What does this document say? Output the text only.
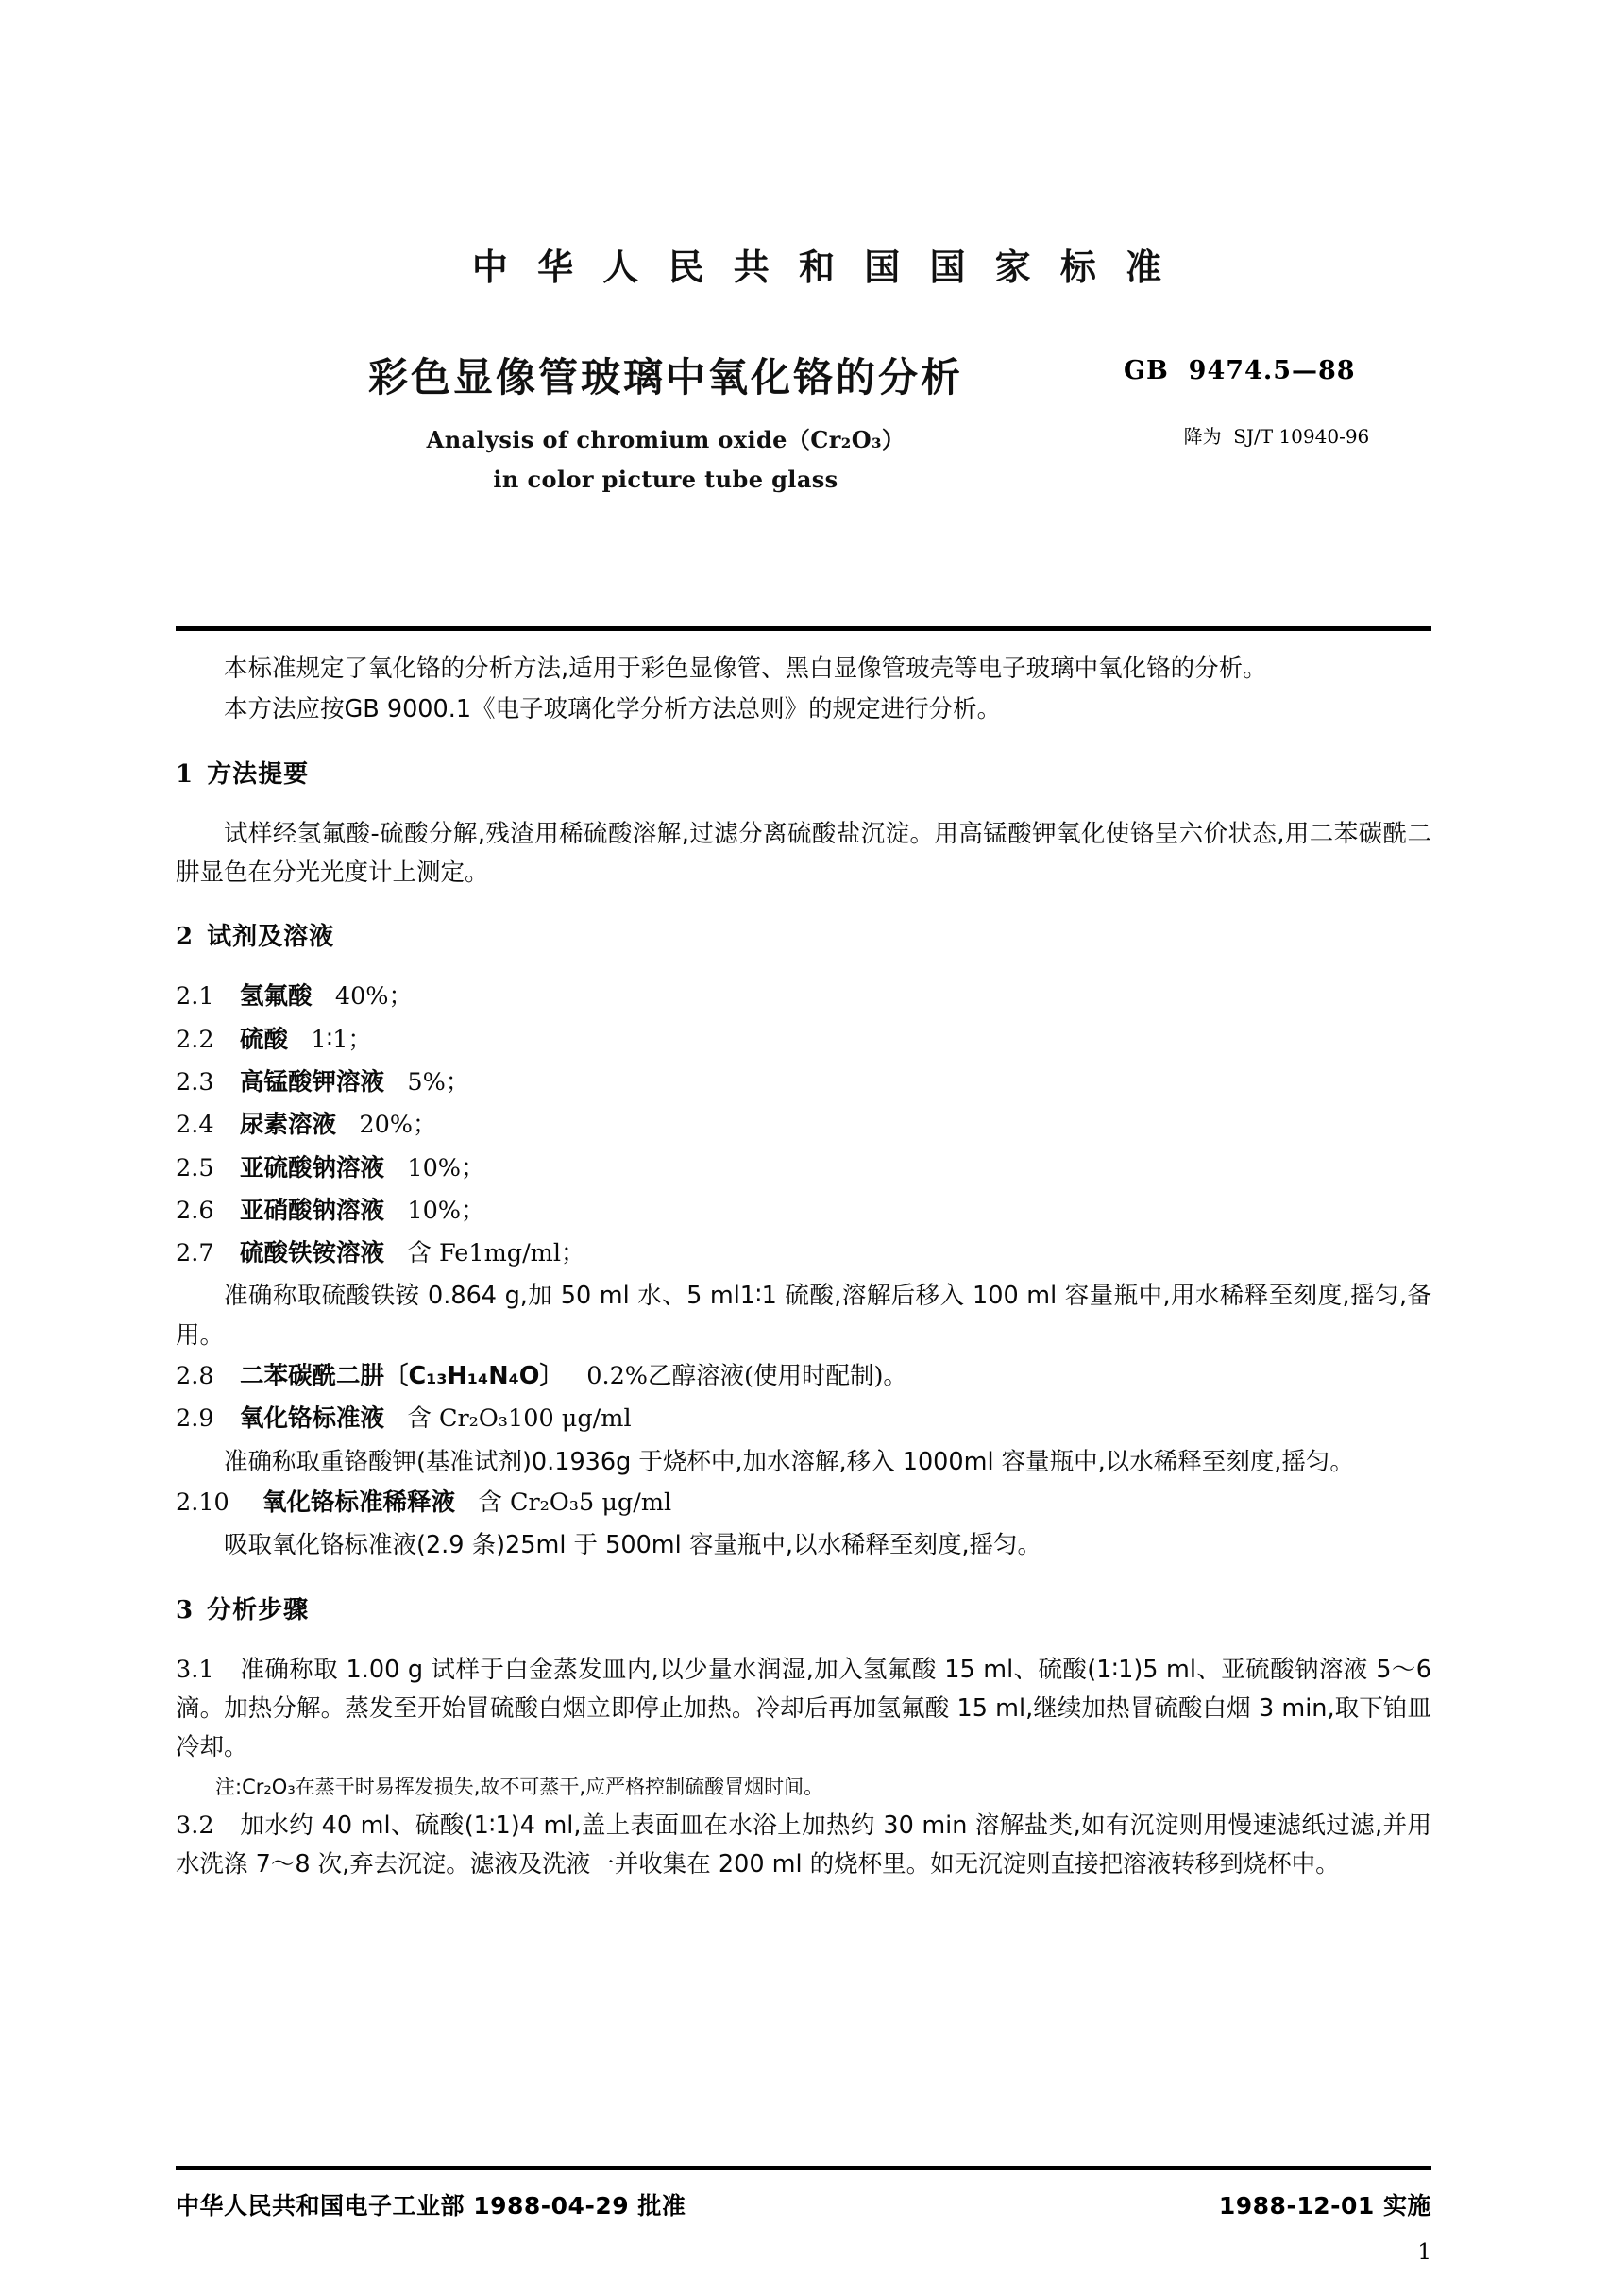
中 华 人 民 共 和 国 国 家 标 准
彩色显像管玻璃中氧化铬的分析
Analysis of chromium oxide（Cr₂O₃）
in color picture tube glass
GB  9474.5—88

降为 SJ/T 10940-96

本标准规定了氧化铬的分析方法,适用于彩色显像管、黑白显像管玻壳等电子玻璃中氧化铬的分析。

本方法应按GB 9000.1《电子玻璃化学分析方法总则》的规定进行分析。

1 方法提要

试样经氢氟酸-硫酸分解,残渣用稀硫酸溶解,过滤分离硫酸盐沉淀。用高锰酸钾氧化使铬呈六价状态,用二苯碳酰二肼显色在分光光度计上测定。

2 试剂及溶液

2.1 氢氟酸 40%；

2.2 硫酸 1∶1；

2.3 高锰酸钾溶液 5%；

2.4 尿素溶液 20%；

2.5 亚硫酸钠溶液 10%；

2.6 亚硝酸钠溶液 10%；

2.7 硫酸铁铵溶液 含 Fe1mg/ml；

准确称取硫酸铁铵 0.864 g,加 50 ml 水、5 ml1∶1 硫酸,溶解后移入 100 ml 容量瓶中,用水稀释至刻度,摇匀,备用。

2.8 二苯碳酰二肼〔C₁₃H₁₄N₄O〕 0.2%乙醇溶液(使用时配制)。

2.9 氧化铬标准液 含 Cr₂O₃100 μg/ml

准确称取重铬酸钾(基准试剂)0.1936g 于烧杯中,加水溶解,移入 1000ml 容量瓶中,以水稀释至刻度,摇匀。

2.10 氧化铬标准稀释液 含 Cr₂O₃5 μg/ml

吸取氧化铬标准液(2.9 条)25ml 于 500ml 容量瓶中,以水稀释至刻度,摇匀。

3 分析步骤

3.1 准确称取 1.00 g 试样于白金蒸发皿内,以少量水润湿,加入氢氟酸 15 ml、硫酸(1∶1)5 ml、亚硫酸钠溶液 5～6 滴。加热分解。蒸发至开始冒硫酸白烟立即停止加热。冷却后再加氢氟酸 15 ml,继续加热冒硫酸白烟 3 min,取下铂皿冷却。

注:Cr₂O₃在蒸干时易挥发损失,故不可蒸干,应严格控制硫酸冒烟时间。

3.2 加水约 40 ml、硫酸(1∶1)4 ml,盖上表面皿在水浴上加热约 30 min 溶解盐类,如有沉淀则用慢速滤纸过滤,并用水洗涤 7～8 次,弃去沉淀。滤液及洗液一并收集在 200 ml 的烧杯里。如无沉淀则直接把溶液转移到烧杯中。

中华人民共和国电子工业部 1988-04-29 批准	1988-12-01 实施
1
